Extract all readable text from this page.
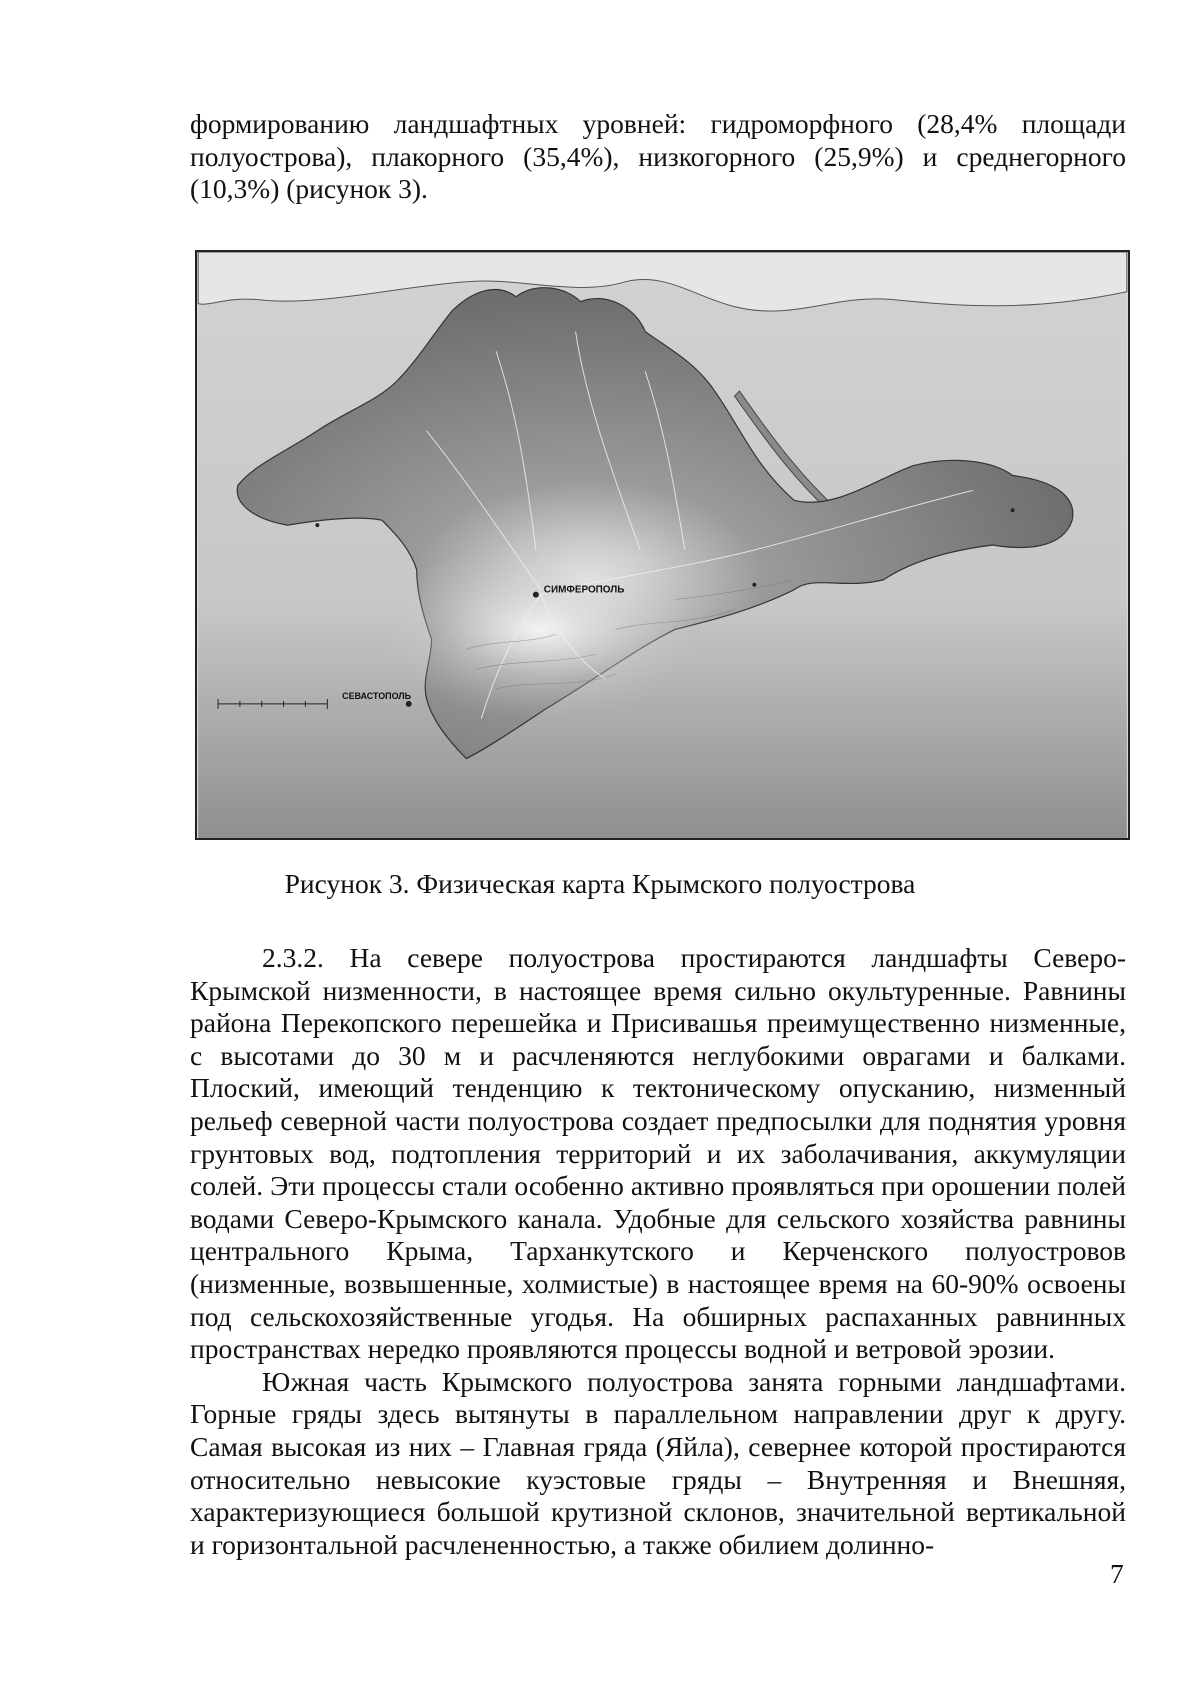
формированию ландшафтных уровней: гидроморфного (28,4% площади полуострова), плакорного (35,4%), низкогорного (25,9%) и среднегорного (10,3%) (рисунок 3).

СИМФЕРОПОЛЬ
СЕВАСТОПОЛЬ

Рисунок 3. Физическая карта Крымского полуострова

2.3.2. На севере полуострова простираются ландшафты Северо-Крымской низменности, в настоящее время сильно окультуренные. Равнины района Перекопского перешейка и Присивашья преимущественно низменные, с высотами до 30 м и расчленяются неглубокими оврагами и балками. Плоский, имеющий тенденцию к тектоническому опусканию, низменный рельеф северной части полуострова создает предпосылки для поднятия уровня грунтовых вод, подтопления территорий и их заболачивания, аккумуляции солей. Эти процессы стали особенно активно проявляться при орошении полей водами Северо-Крымского канала. Удобные для сельского хозяйства равнины центрального Крыма, Тарханкутского и Керченского полуостровов (низменные, возвышенные, холмистые) в настоящее время на 60-90% освоены под сельскохозяйственные угодья. На обширных распаханных равнинных пространствах нередко проявляются процессы водной и ветровой эрозии.

Южная часть Крымского полуострова занята горными ландшафтами. Горные гряды здесь вытянуты в параллельном направлении друг к другу. Самая высокая из них – Главная гряда (Яйла), севернее которой простираются относительно невысокие куэстовые гряды – Внутренняя и Внешняя, характеризующиеся большой крутизной склонов, значительной вертикальной и горизонтальной расчлененностью, а также обилием долинно-

7
